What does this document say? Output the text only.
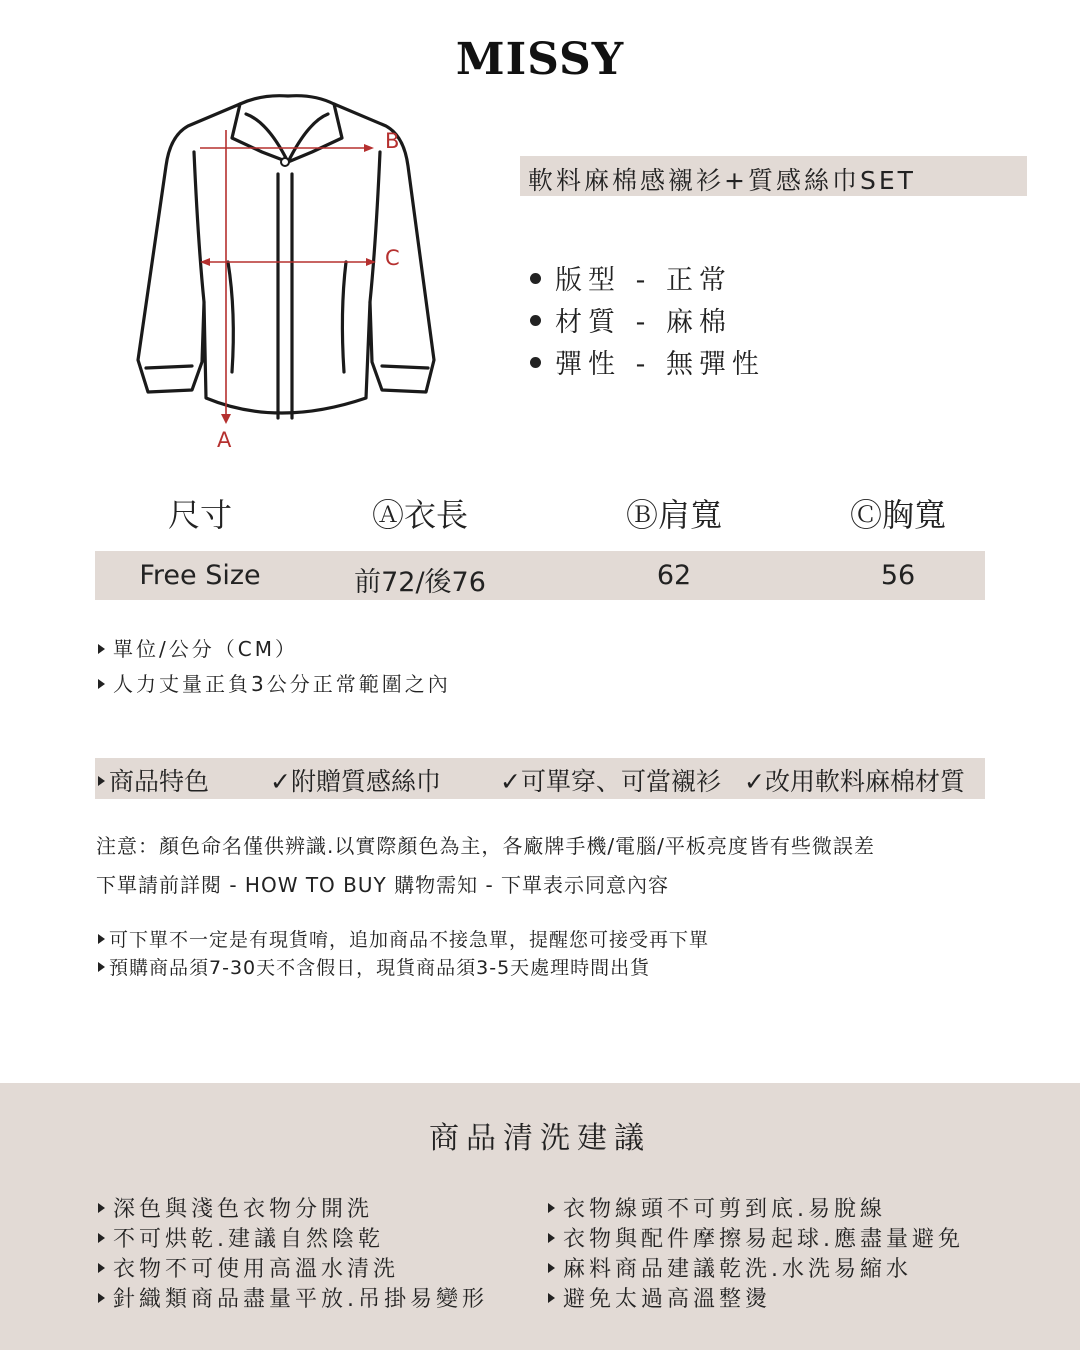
MISSY
A
B
C
軟料麻棉感襯衫+質感絲巾SET
版型 - 正常
材質 - 麻棉
彈性 - 無彈性
尺寸	Ⓐ衣長	Ⓑ肩寬	Ⓒ胸寬
Free Size	前72/後76	62	56
單位/公分（CM）
人力丈量正負3公分正常範圍之內
商品特色 ✓附贈質感絲巾 ✓可單穿、可當襯衫 ✓改用軟料麻棉材質
注意：顏色命名僅供辨識.以實際顏色為主，各廠牌手機/電腦/平板亮度皆有些微誤差
下單請前詳閱 - HOW TO BUY 購物需知 - 下單表示同意內容
可下單不一定是有現貨唷，追加商品不接急單，提醒您可接受再下單
預購商品須7-30天不含假日，現貨商品須3-5天處理時間出貨
商品清洗建議
深色與淺色衣物分開洗
不可烘乾.建議自然陰乾
衣物不可使用高溫水清洗
針織類商品盡量平放.吊掛易變形
衣物線頭不可剪到底.易脫線
衣物與配件摩擦易起球.應盡量避免
麻料商品建議乾洗.水洗易縮水
避免太過高溫整燙
